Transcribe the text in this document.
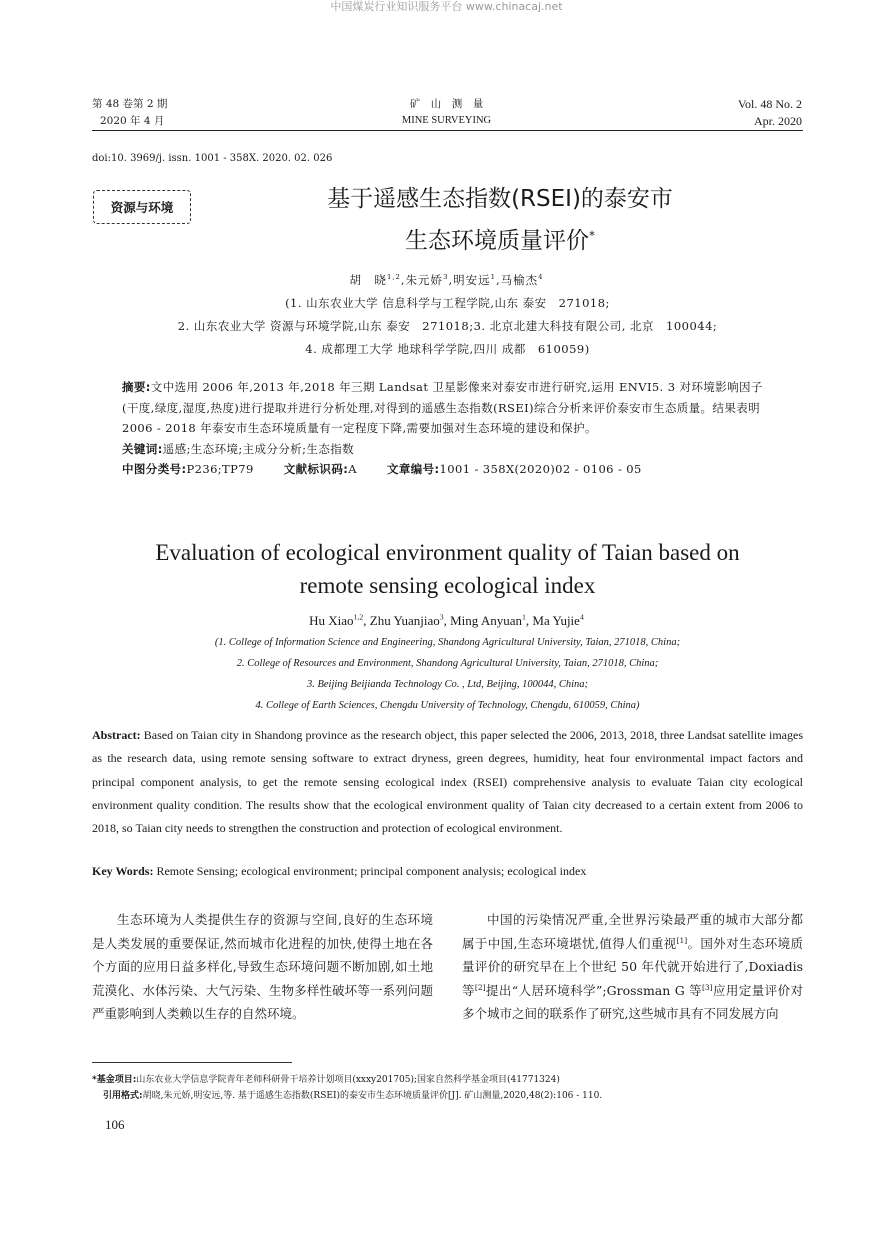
中国煤炭行业知识服务平台 www.chinacaj.net
第 48 卷第 2 期
2020 年 4 月
矿　山　测　量
MINE SURVEYING
Vol. 48 No. 2
Apr. 2020
doi:10. 3969/j. issn. 1001 - 358X. 2020. 02. 026
资源与环境	基于遥感生态指数(RSEI)的泰安市
生态环境质量评价*
胡　晓$^{1,2}$,朱元娇$^3$,明安远$^1$,马榆杰$^4$
(1. 山东农业大学 信息科学与工程学院,山东 泰安　271018;
2. 山东农业大学 资源与环境学院,山东 泰安　271018;3. 北京北建大科技有限公司, 北京　100044;
4. 成都理工大学 地球科学学院,四川 成都　610059)
摘要:文中选用 2006 年,2013 年,2018 年三期 Landsat 卫星影像来对泰安市进行研究,运用 ENVI5. 3 对环境影响因子(干度,绿度,湿度,热度)进行提取并进行分析处理,对得到的遥感生态指数(RSEI)综合分析来评价泰安市生态质量。结果表明 2006 - 2018 年泰安市生态环境质量有一定程度下降,需要加强对生态环境的建设和保护。
关键词:遥感;生态环境;主成分分析;生态指数
中图分类号:P236;TP79	文献标识码:A	文章编号:1001 - 358X(2020)02 - 0106 - 05
Evaluation of ecological environment quality of Taian based on
remote sensing ecological index
Hu Xiao$^{1,2}$, Zhu Yuanjiao$^3$, Ming Anyuan$^1$, Ma Yujie$^4$
(1. College of Information Science and Engineering, Shandong Agricultural University, Taian, 271018, China;
2. College of Resources and Environment, Shandong Agricultural University, Taian, 271018, China;
3. Beijing Beijianda Technology Co. , Ltd, Beijing, 100044, China;
4. College of Earth Sciences, Chengdu University of Technology, Chengdu, 610059, China)
Abstract: Based on Taian city in Shandong province as the research object, this paper selected the 2006, 2013, 2018, three Landsat satellite images as the research data, using remote sensing software to extract dryness, green degrees, humidity, heat four environmental impact factors and principal component analysis, to get the remote sensing ecological index (RSEI) comprehensive analysis to evaluate Taian city ecological environment quality condition. The results show that the ecological environment quality of Taian city decreased to a certain extent from 2006 to 2018, so Taian city needs to strengthen the construction and protection of ecological environment.
Key Words: Remote Sensing; ecological environment; principal component analysis; ecological index
生态环境为人类提供生存的资源与空间,良好的生态环境是人类发展的重要保证,然而城市化进程的加快,使得土地在各个方面的应用日益多样化,导致生态环境问题不断加剧,如土地荒漠化、水体污染、大气污染、生物多样性破坏等一系列问题严重影响到人类赖以生存的自然环境。
中国的污染情况严重,全世界污染最严重的城市大部分都属于中国,生态环境堪忧,值得人们重视[1]。国外对生态环境质量评价的研究早在上个世纪 50 年代就开始进行了,Doxiadis 等[2]提出“人居环境科学”;Grossman G 等[3]应用定量评价对多个城市之间的联系作了研究,这些城市具有不同发展方向
*基金项目:山东农业大学信息学院青年老师科研骨干培养计划项目(xxxy201705);国家自然科学基金项目(41771324)
引用格式:胡晓,朱元娇,明安远,等. 基于遥感生态指数(RSEI)的泰安市生态环境质量评价[J]. 矿山测量,2020,48(2):106 - 110.
106
